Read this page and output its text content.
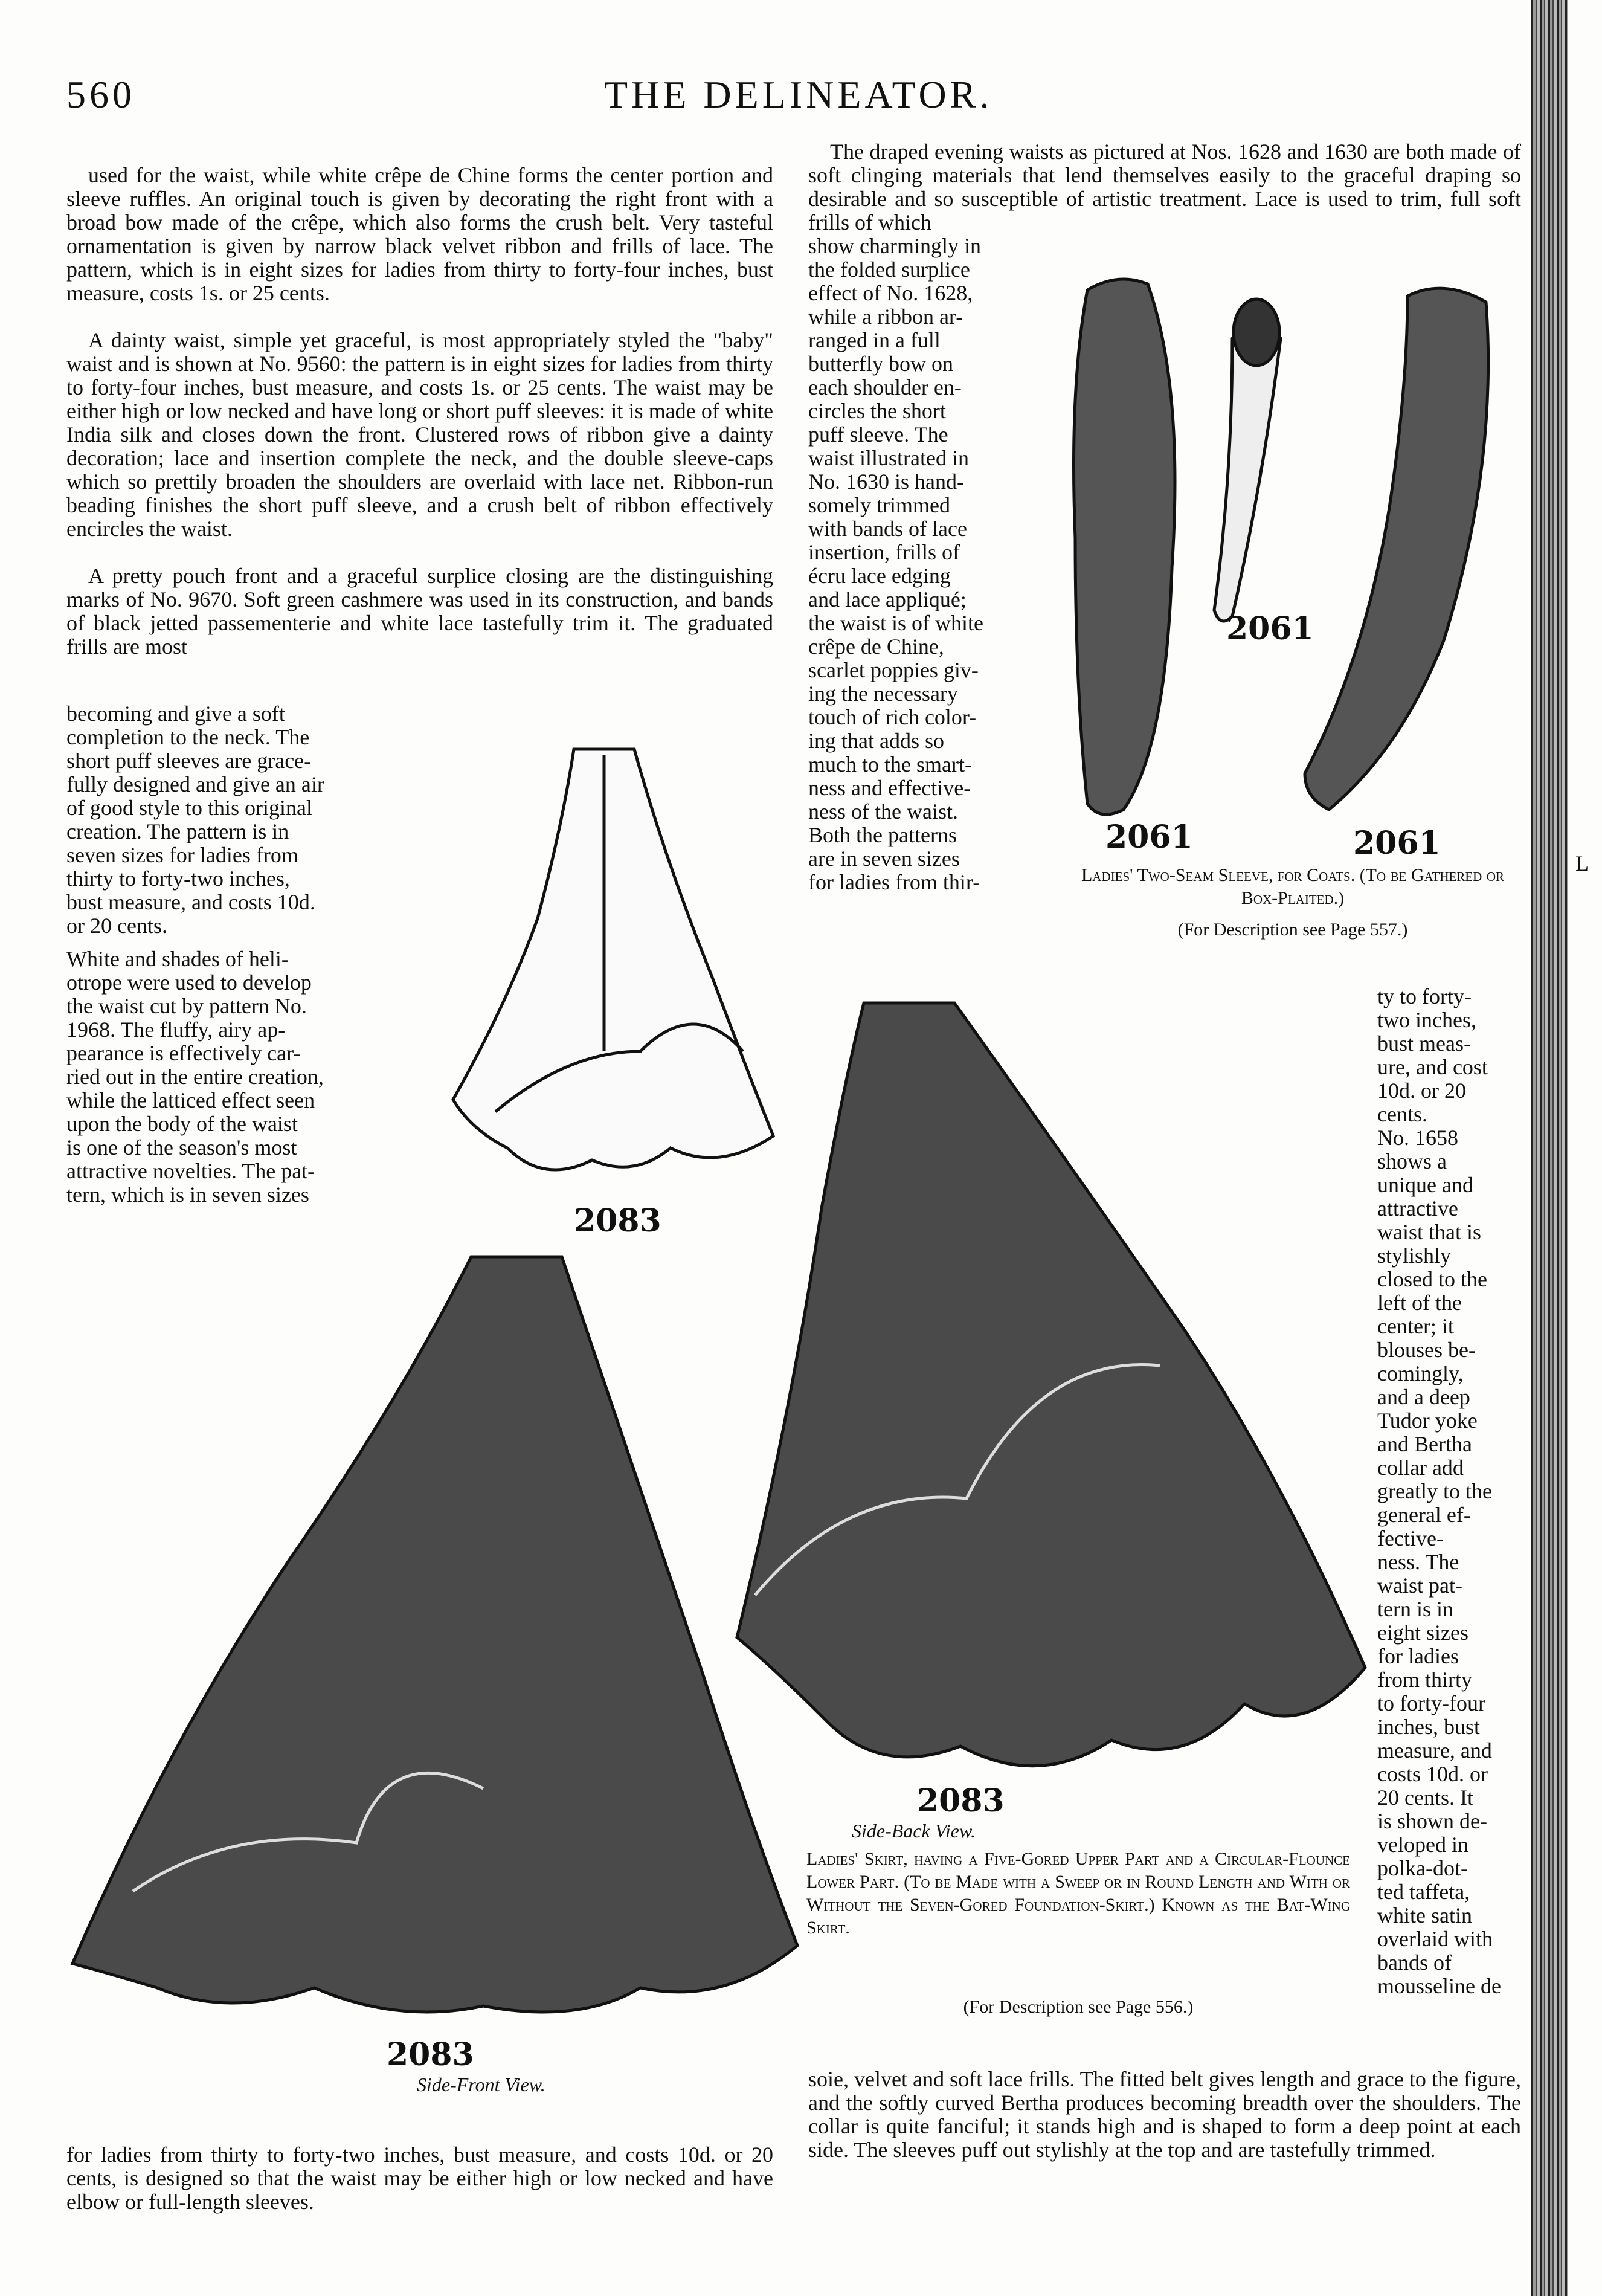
560	THE DELINEATOR.

used for the waist, while white crêpe de Chine forms the center portion and sleeve ruffles. An original touch is given by decorating the right front with a broad bow made of the crêpe, which also forms the crush belt. Very tasteful ornamentation is given by narrow black velvet ribbon and frills of lace. The pattern, which is in eight sizes for ladies from thirty to forty-four inches, bust measure, costs 1s. or 25 cents.

A dainty waist, simple yet graceful, is most appropriately styled the "baby" waist and is shown at No. 9560: the pattern is in eight sizes for ladies from thirty to forty-four inches, bust measure, and costs 1s. or 25 cents. The waist may be either high or low necked and have long or short puff sleeves: it is made of white India silk and closes down the front. Clustered rows of ribbon give a dainty decoration; lace and insertion complete the neck, and the double sleeve-caps which so prettily broaden the shoulders are overlaid with lace net. Ribbon-run beading finishes the short puff sleeve, and a crush belt of ribbon effectively encircles the waist.

A pretty pouch front and a graceful surplice closing are the distinguishing marks of No. 9670. Soft green cashmere was used in its construction, and bands of black jetted passementerie and white lace tastefully trim it. The graduated frills are most

becoming and give a soft
completion to the neck. The
short puff sleeves are grace-
fully designed and give an air
of good style to this original
creation. The pattern is in
seven sizes for ladies from
thirty to forty-two inches,
bust measure, and costs 10d.
or 20 cents.
White and shades of heli-
otrope were used to develop
the waist cut by pattern No.
1968. The fluffy, airy ap-
pearance is effectively car-
ried out in the entire creation,
while the latticed effect seen
upon the body of the waist
is one of the season's most
attractive novelties. The pat-
tern, which is in seven sizes
The draped evening waists as pictured at Nos. 1628 and 1630 are both made of soft clinging materials that lend themselves easily to the graceful draping so desirable and so susceptible of artistic treatment. Lace is used to trim, full soft frills of which
show charmingly in
the folded surplice
effect of No. 1628,
while a ribbon ar-
ranged in a full
butterfly bow on
each shoulder en-
circles the short
puff sleeve. The
waist illustrated in
No. 1630 is hand-
somely trimmed
with bands of lace
insertion, frills of
écru lace edging
and lace appliqué;
the waist is of white
crêpe de Chine,
scarlet poppies giv-
ing the necessary
touch of rich color-
ing that adds so
much to the smart-
ness and effective-
ness of the waist.
Both the patterns
are in seven sizes
for ladies from thir-
2061
2061	2061
Ladies' Two-Seam Sleeve, for Coats. (To be Gathered or Box-Plaited.)
(For Description see Page 557.)
2083
ty to forty-
two inches,
bust meas-
ure, and cost
10d. or 20
cents.
No. 1658
shows a
unique and
attractive
waist that is
stylishly
closed to the
left of the
center; it
blouses be-
comingly,
and a deep
Tudor yoke
and Bertha
collar add
greatly to the
general ef-
fective-
ness. The
waist pat-
tern is in
eight sizes
for ladies
from thirty
to forty-four
inches, bust
measure, and
costs 10d. or
20 cents. It
is shown de-
veloped in
polka-dot-
ted taffeta,
white satin
overlaid with
bands of
mousseline de
2083
Side-Back View.
Ladies' Skirt, having a Five-Gored Upper Part and a Circular-Flounce Lower Part. (To be Made with a Sweep or in Round Length and With or Without the Seven-Gored Foundation-Skirt.) Known as the Bat-Wing Skirt.
(For Description see Page 556.)
2083
Side-Front View.	soie, velvet and soft lace frills. The fitted belt gives length and grace to the figure, and the softly curved Bertha produces becoming breadth over the shoulders. The collar is quite fanciful; it stands high and is shaped to form a deep point at each side. The sleeves puff out stylishly at the top and are tastefully trimmed.
for ladies from thirty to forty-two inches, bust measure, and costs 10d. or 20 cents, is designed so that the waist may be either high or low necked and have elbow or full-length sleeves.
L
